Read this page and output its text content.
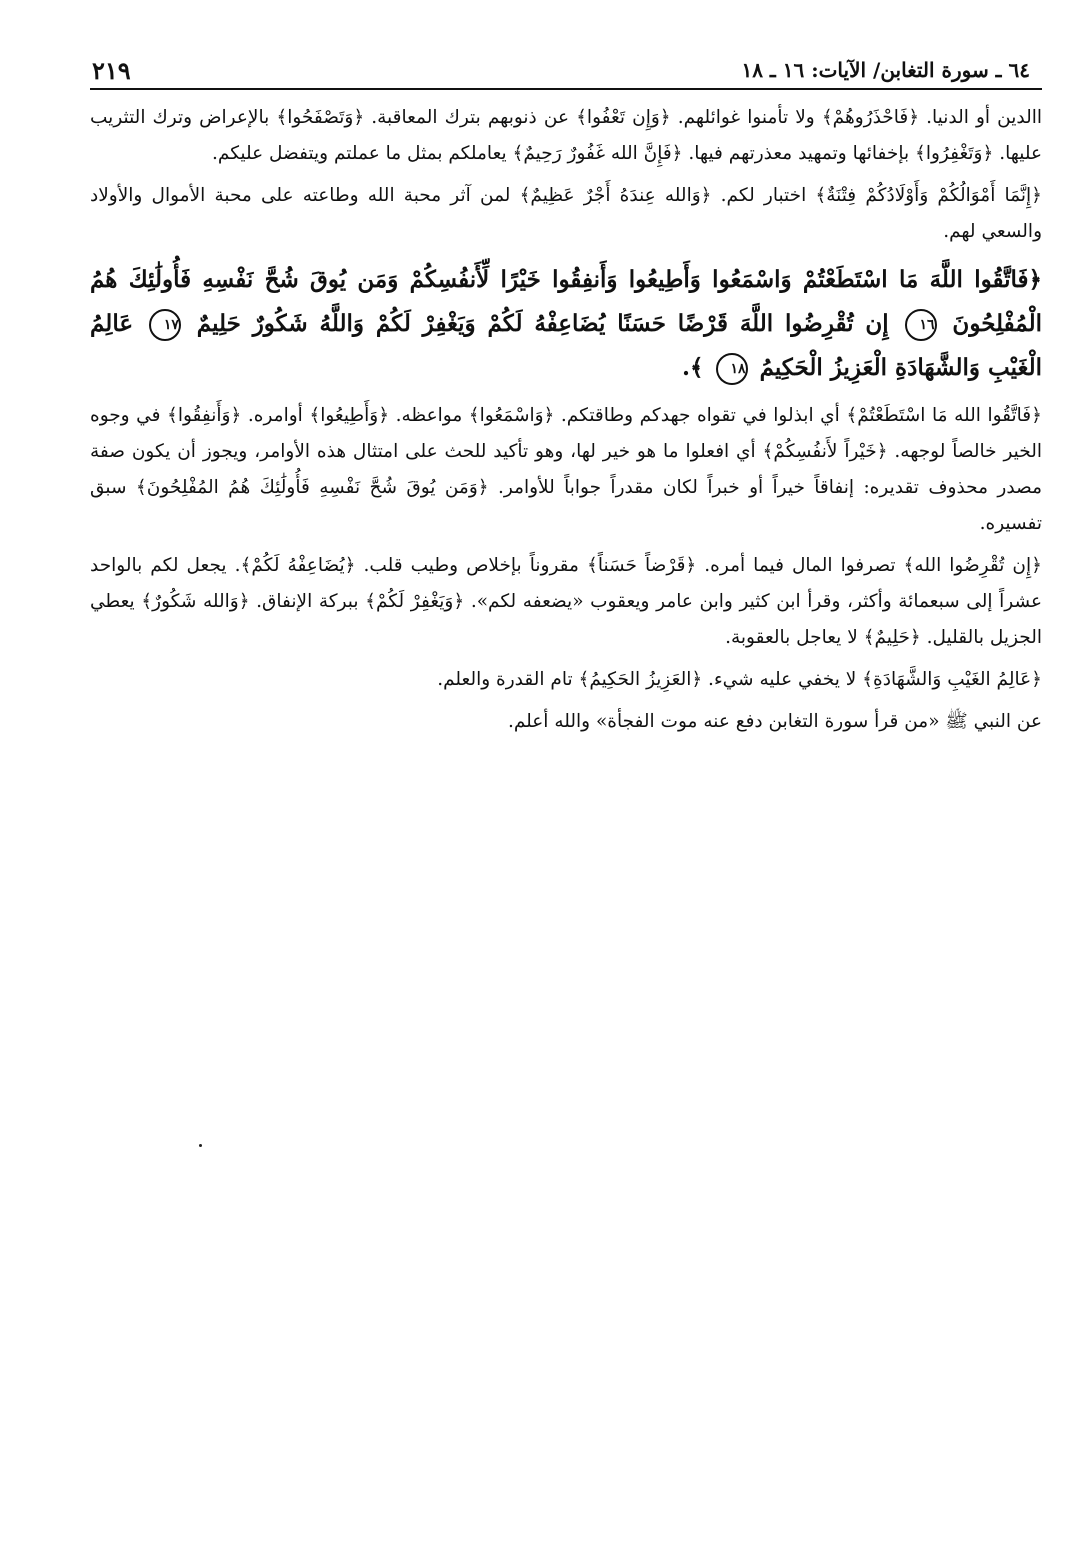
٦٤ ـ سورة التغابن/ الآيات: ١٦ ـ ١٨
٢١٩

االدين أو الدنيا. ﴿فَاحْذَرُوهُمْ﴾ ولا تأمنوا غوائلهم. ﴿وَإِن تَعْفُوا﴾ عن ذنوبهم بترك المعاقبة. ﴿وَتَصْفَحُوا﴾ بالإعراض وترك التثريب عليها. ﴿وَتَغْفِرُوا﴾ بإخفائها وتمهيد معذرتهم فيها. ﴿فَإِنَّ الله غَفُورٌ رَحِيمٌ﴾ يعاملكم بمثل ما عملتم ويتفضل عليكم.

﴿إِنَّمَا أَمْوَالُكُمْ وَأَوْلَادُكُمْ فِتْنَةٌ﴾ اختبار لكم. ﴿وَالله عِندَهُ أَجْرٌ عَظِيمٌ﴾ لمن آثر محبة الله وطاعته على محبة الأموال والأولاد والسعي لهم.

﴿فَاتَّقُوا اللَّهَ مَا اسْتَطَعْتُمْ وَاسْمَعُوا وَأَطِيعُوا وَأَنفِقُوا خَيْرًا لِّأَنفُسِكُمْ وَمَن يُوقَ شُحَّ نَفْسِهِ فَأُولَٰئِكَ هُمُ الْمُفْلِحُونَ ١٦ إِن تُقْرِضُوا اللَّهَ قَرْضًا حَسَنًا يُضَاعِفْهُ لَكُمْ وَيَغْفِرْ لَكُمْ وَاللَّهُ شَكُورٌ حَلِيمٌ ١٧ عَالِمُ الْغَيْبِ وَالشَّهَادَةِ الْعَزِيزُ الْحَكِيمُ ١٨ ﴾.

﴿فَاتَّقُوا الله مَا اسْتَطَعْتُمْ﴾ أي ابذلوا في تقواه جهدكم وطاقتكم. ﴿وَاسْمَعُوا﴾ مواعظه. ﴿وَأَطِيعُوا﴾ أوامره. ﴿وَأَنفِقُوا﴾ في وجوه الخير خالصاً لوجهه. ﴿خَيْراً لأَنفُسِكُمْ﴾ أي افعلوا ما هو خير لها، وهو تأكيد للحث على امتثال هذه الأوامر، ويجوز أن يكون صفة مصدر محذوف تقديره: إنفاقاً خيراً أو خبراً لكان مقدراً جواباً للأوامر. ﴿وَمَن يُوقَ شُحَّ نَفْسِهِ فَأُولَٰئِكَ هُمُ المُفْلِحُونَ﴾ سبق تفسيره.

﴿إِن تُقْرِضُوا الله﴾ تصرفوا المال فيما أمره. ﴿قَرْضاً حَسَناً﴾ مقروناً بإخلاص وطيب قلب. ﴿يُضَاعِفْهُ لَكُمْ﴾. يجعل لكم بالواحد عشراً إلى سبعمائة وأكثر، وقرأ ابن كثير وابن عامر ويعقوب «يضعفه لكم». ﴿وَيَغْفِرْ لَكُمْ﴾ ببركة الإنفاق. ﴿وَالله شَكُورٌ﴾ يعطي الجزيل بالقليل. ﴿حَلِيمٌ﴾ لا يعاجل بالعقوبة.

﴿عَالِمُ الغَيْبِ وَالشَّهَادَةِ﴾ لا يخفي عليه شيء. ﴿العَزِيزُ الحَكِيمُ﴾ تام القدرة والعلم.

عن النبي ﷺ «من قرأ سورة التغابن دفع عنه موت الفجأة» والله أعلم.
